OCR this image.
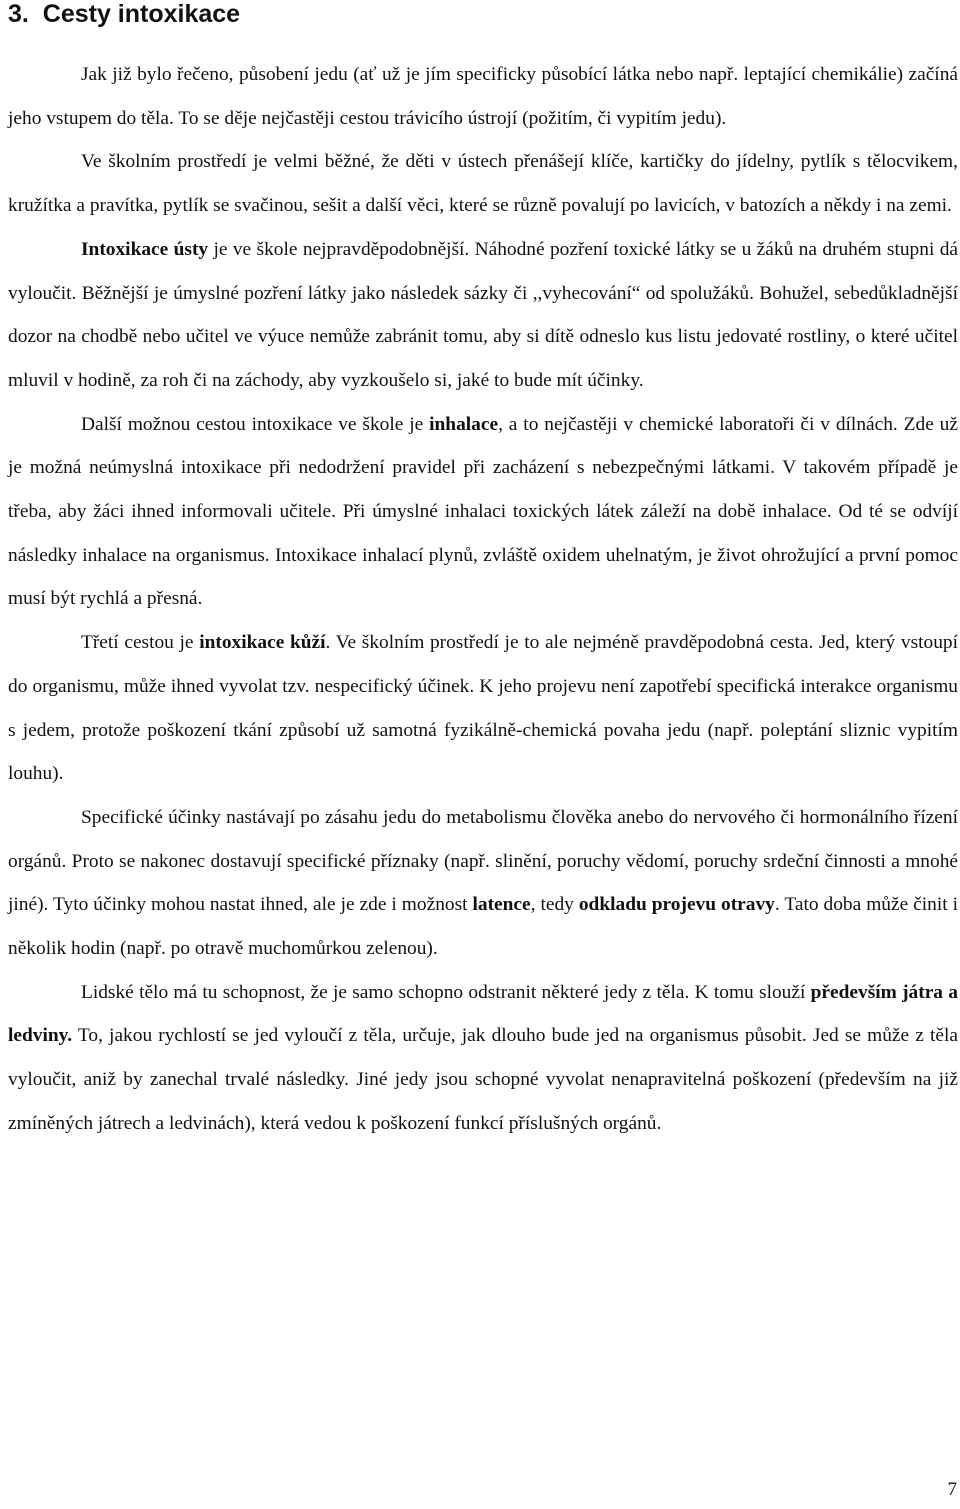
3. Cesty intoxikace

Jak již bylo řečeno, působení jedu (ať už je jím specificky působící látka nebo např. leptající chemikálie) začíná jeho vstupem do těla. To se děje nejčastěji cestou trávicího ústrojí (požitím, či vypitím jedu).

Ve školním prostředí je velmi běžné, že děti v ústech přenášejí klíče, kartičky do jídelny, pytlík s tělocvikem, kružítka a pravítka, pytlík se svačinou, sešit a další věci, které se různě povalují po lavicích, v batozích a někdy i na zemi.

Intoxikace ústy je ve škole nejpravděpodobnější. Náhodné pozření toxické látky se u žáků na druhém stupni dá vyloučit. Běžnější je úmyslné pozření látky jako následek sázky či ,,vyhecování“ od spolužáků. Bohužel, sebedůkladnější dozor na chodbě nebo učitel ve výuce nemůže zabránit tomu, aby si dítě odneslo kus listu jedovaté rostliny, o které učitel mluvil v hodině, za roh či na záchody, aby vyzkoušelo si, jaké to bude mít účinky.

Další možnou cestou intoxikace ve škole je inhalace, a to nejčastěji v chemické laboratoři či v dílnách. Zde už je možná neúmyslná intoxikace při nedodržení pravidel při zacházení s nebezpečnými látkami. V takovém případě je třeba, aby žáci ihned informovali učitele. Při úmyslné inhalaci toxických látek záleží na době inhalace. Od té se odvíjí následky inhalace na organismus. Intoxikace inhalací plynů, zvláště oxidem uhelnatým, je život ohrožující a první pomoc musí být rychlá a přesná.

Třetí cestou je intoxikace kůží. Ve školním prostředí je to ale nejméně pravděpodobná cesta. Jed, který vstoupí do organismu, může ihned vyvolat tzv. nespecifický účinek. K jeho projevu není zapotřebí specifická interakce organismu s jedem, protože poškození tkání způsobí už samotná fyzikálně-chemická povaha jedu (např. poleptání sliznic vypitím louhu).

Specifické účinky nastávají po zásahu jedu do metabolismu člověka anebo do nervového či hormonálního řízení orgánů. Proto se nakonec dostavují specifické příznaky (např. slinění, poruchy vědomí, poruchy srdeční činnosti a mnohé jiné). Tyto účinky mohou nastat ihned, ale je zde i možnost latence, tedy odkladu projevu otravy. Tato doba může činit i několik hodin (např. po otravě muchomůrkou zelenou).

Lidské tělo má tu schopnost, že je samo schopno odstranit některé jedy z těla. K tomu slouží především játra a ledviny. To, jakou rychlostí se jed vyloučí z těla, určuje, jak dlouho bude jed na organismus působit. Jed se může z těla vyloučit, aniž by zanechal trvalé následky. Jiné jedy jsou schopné vyvolat nenapravitelná poškození (především na již zmíněných játrech a ledvinách), která vedou k poškození funkcí příslušných orgánů.

7
